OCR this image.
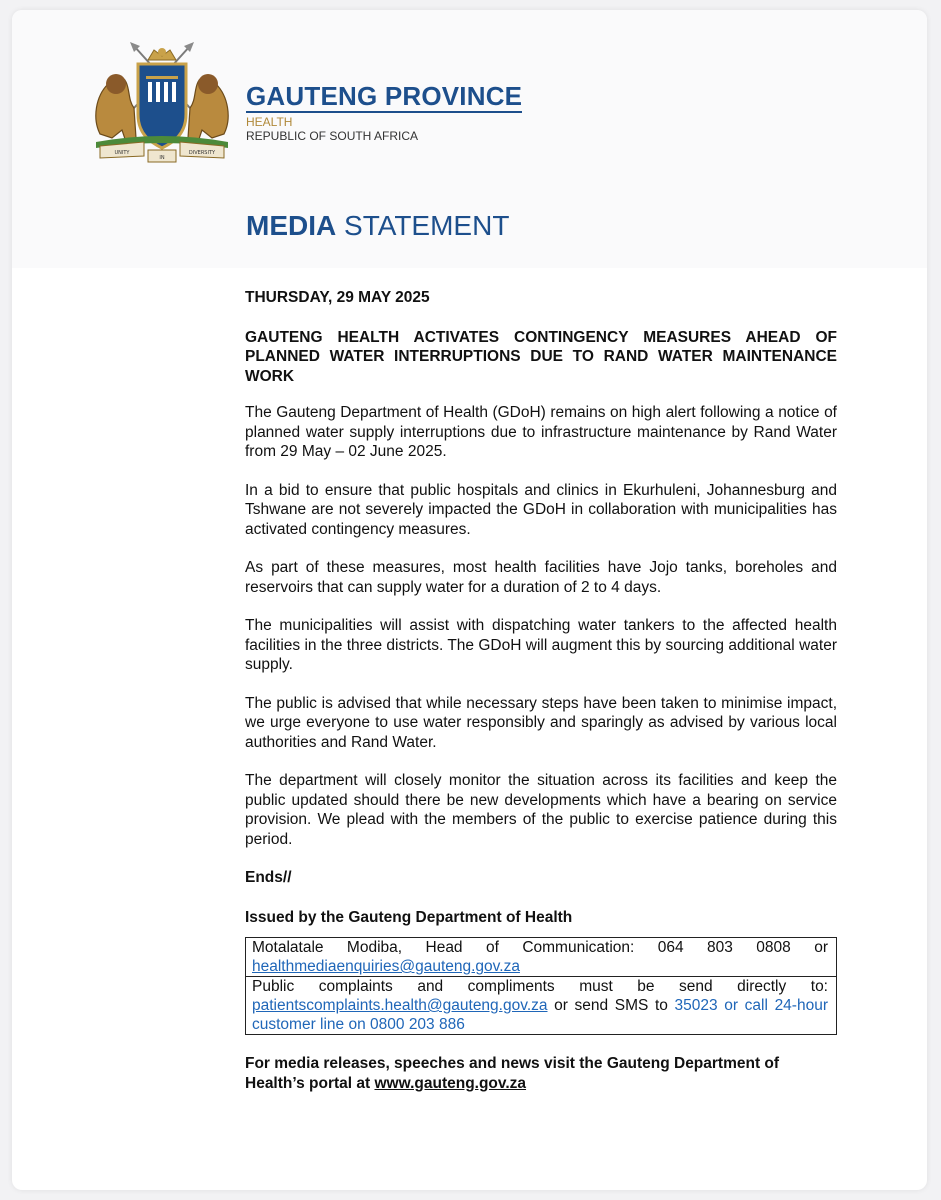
UNITY
IN
DIVERSITY
GAUTENG PROVINCE
HEALTH
REPUBLIC OF SOUTH AFRICA
MEDIA STATEMENT

THURSDAY, 29 MAY 2025

GAUTENG HEALTH ACTIVATES CONTINGENCY MEASURES AHEAD OF PLANNED WATER INTERRUPTIONS DUE TO RAND WATER MAINTENANCE WORK

The Gauteng Department of Health (GDoH) remains on high alert following a notice of planned water supply interruptions due to infrastructure maintenance by Rand Water from 29 May – 02 June 2025.

In a bid to ensure that public hospitals and clinics in Ekurhuleni, Johannesburg and Tshwane are not severely impacted the GDoH in collaboration with municipalities has activated contingency measures.

As part of these measures, most health facilities have Jojo tanks, boreholes and reservoirs that can supply water for a duration of 2 to 4 days.

The municipalities will assist with dispatching water tankers to the affected health facilities in the three districts. The GDoH will augment this by sourcing additional water supply.

The public is advised that while necessary steps have been taken to minimise impact, we urge everyone to use water responsibly and sparingly as advised by various local authorities and Rand Water.

The department will closely monitor the situation across its facilities and keep the public updated should there be new developments which have a bearing on service provision. We plead with the members of the public to exercise patience during this period.

Ends//

Issued by the Gauteng Department of Health

Motalatale Modiba, Head of Communication: 064 803 0808 or healthmediaenquiries@gauteng.gov.za
Public complaints and compliments must be send directly to: patientscomplaints.health@gauteng.gov.za or send SMS to 35023 or call 24-hour customer line on 0800 203 886

For media releases, speeches and news visit the Gauteng Department of Health’s portal at www.gauteng.gov.za
